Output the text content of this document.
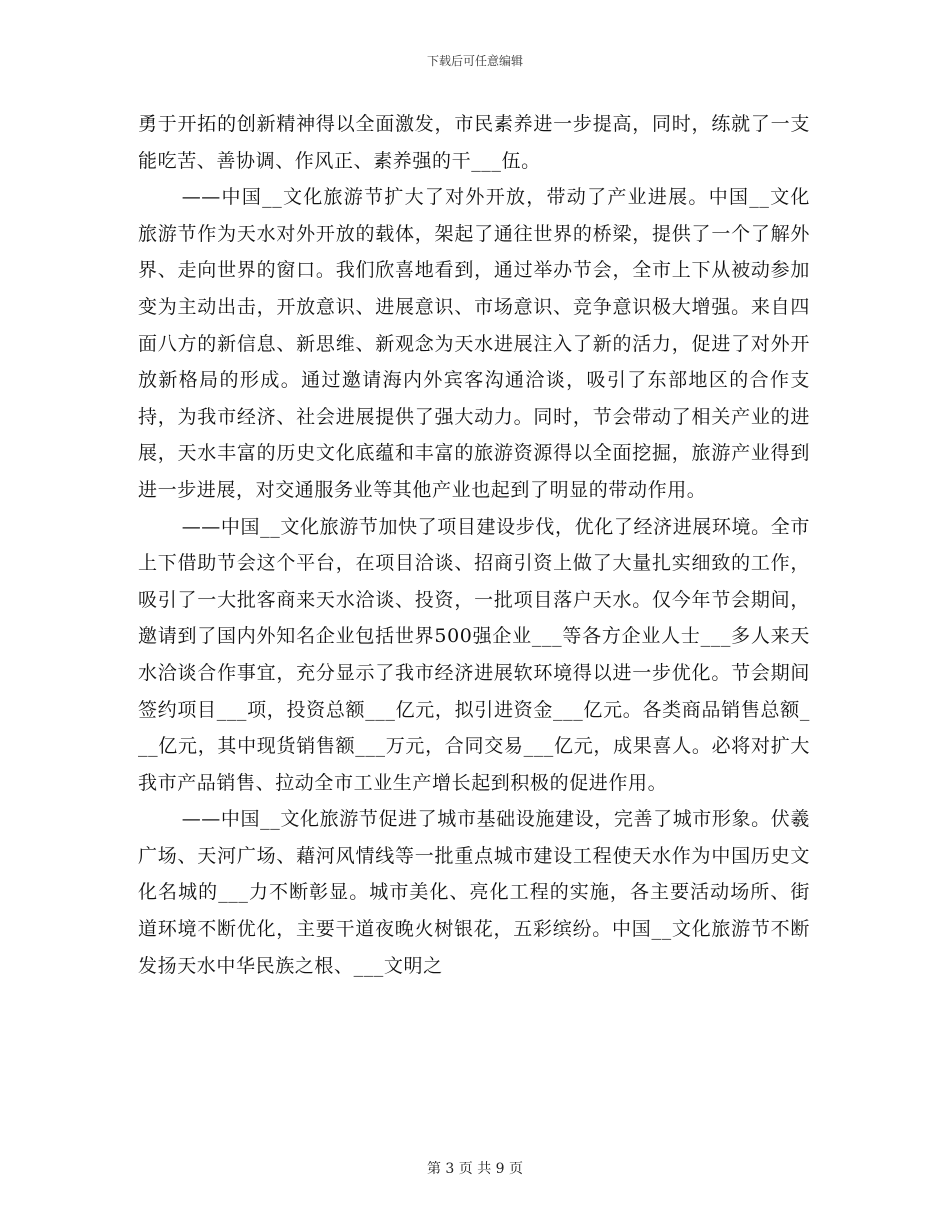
下载后可任意编辑

勇于开拓的创新精神得以全面激发，市民素养进一步提高，同时，练就了一支能吃苦、善协调、作风正、素养强的干___伍。

——中国__文化旅游节扩大了对外开放，带动了产业进展。中国__文化旅游节作为天水对外开放的载体，架起了通往世界的桥梁，提供了一个了解外界、走向世界的窗口。我们欣喜地看到，通过举办节会，全市上下从被动参加变为主动出击，开放意识、进展意识、市场意识、竞争意识极大增强。来自四面八方的新信息、新思维、新观念为天水进展注入了新的活力，促进了对外开放新格局的形成。通过邀请海内外宾客沟通洽谈，吸引了东部地区的合作支持，为我市经济、社会进展提供了强大动力。同时，节会带动了相关产业的进展，天水丰富的历史文化底蕴和丰富的旅游资源得以全面挖掘，旅游产业得到进一步进展，对交通服务业等其他产业也起到了明显的带动作用。

——中国__文化旅游节加快了项目建设步伐，优化了经济进展环境。全市上下借助节会这个平台，在项目洽谈、招商引资上做了大量扎实细致的工作，吸引了一大批客商来天水洽谈、投资，一批项目落户天水。仅今年节会期间，邀请到了国内外知名企业包括世界500强企业___等各方企业人士___多人来天水洽谈合作事宜，充分显示了我市经济进展软环境得以进一步优化。节会期间签约项目___项，投资总额___亿元，拟引进资金___亿元。各类商品销售总额___亿元，其中现货销售额___万元，合同交易___亿元，成果喜人。必将对扩大我市产品销售、拉动全市工业生产增长起到积极的促进作用。

——中国__文化旅游节促进了城市基础设施建设，完善了城市形象。伏羲广场、天河广场、藉河风情线等一批重点城市建设工程使天水作为中国历史文化名城的___力不断彰显。城市美化、亮化工程的实施，各主要活动场所、街道环境不断优化，主要干道夜晚火树银花，五彩缤纷。中国__文化旅游节不断发扬天水中华民族之根、___文明之

第 3 页 共 9 页
